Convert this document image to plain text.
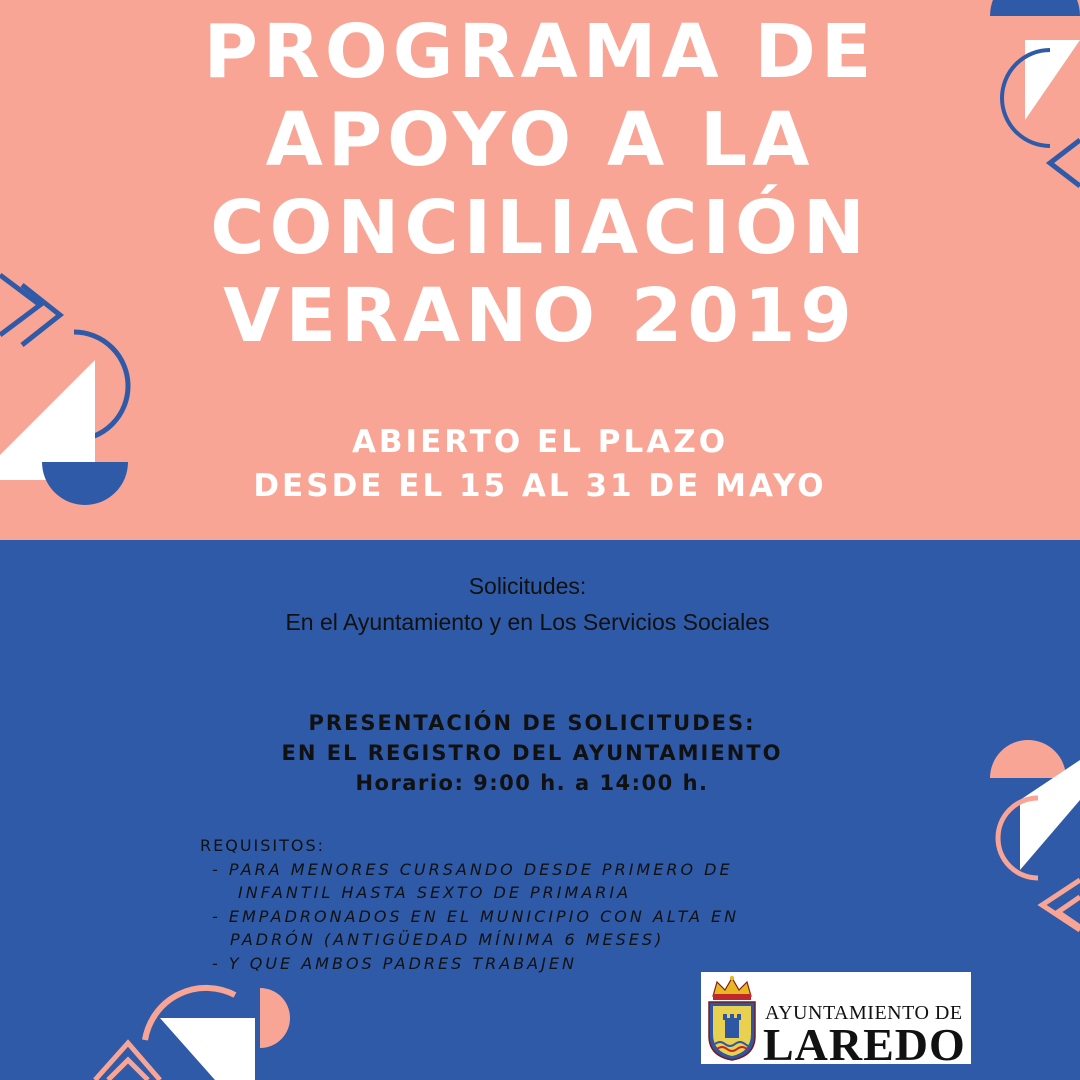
PROGRAMA DE
APOYO A LA
CONCILIACIÓN
VERANO 2019
ABIERTO EL PLAZO
DESDE EL 15 AL 31 DE MAYO
Solicitudes:
En el Ayuntamiento y en Los Servicios Sociales
PRESENTACIÓN DE SOLICITUDES:
EN EL REGISTRO DEL AYUNTAMIENTO
Horario: 9:00 h. a 14:00 h.
REQUISITOS:
- PARA MENORES CURSANDO DESDE PRIMERO DE
INFANTIL HASTA SEXTO DE PRIMARIA
- EMPADRONADOS EN EL MUNICIPIO CON ALTA EN
PADRÓN (ANTIGÜEDAD MÍNIMA 6 MESES)
- Y QUE AMBOS PADRES TRABAJEN
AYUNTAMIENTO DE
LAREDO
